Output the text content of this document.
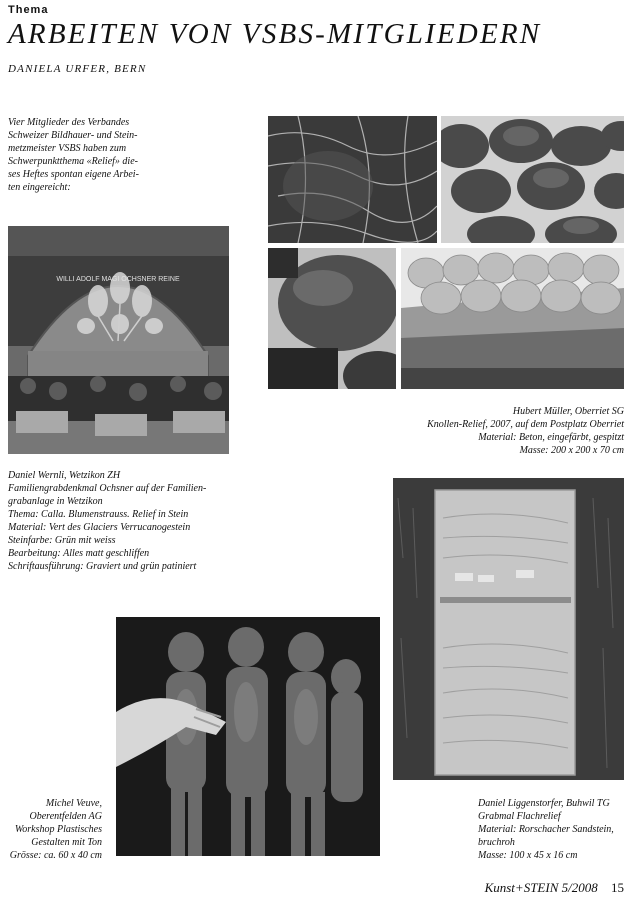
Thema
ARBEITEN VON VSBS-MITGLIEDERN
DANIELA URFER, BERN
Vier Mitglieder des Verbandes
Schweizer Bildhauer- und Stein-
metzmeister VSBS haben zum
Schwerpunktthema «Relief» die-
ses Heftes spontan eigene Arbei-
ten eingereicht:
WILLI ADOLF MAGI OCHSNER REINE
Daniel Wernli, Wetzikon ZH
Familiengrabdenkmal Ochsner auf der Familien-
grabanlage in Wetzikon
Thema: Calla. Blumenstrauss. Relief in Stein
Material: Vert des Glaciers Verrucanogestein
Steinfarbe: Grün mit weiss
Bearbeitung: Alles matt geschliffen
Schriftausführung: Graviert und grün patiniert
Hubert Müller, Oberriet SG
Knollen-Relief, 2007, auf dem Postplatz Oberriet
Material: Beton, eingefärbt, gespitzt
Masse: 200 x 200 x 70 cm
Michel Veuve,
Oberentfelden AG
Workshop Plastisches
Gestalten mit Ton
Grösse: ca. 60 x 40 cm
Daniel Liggenstorfer, Buhwil TG
Grabmal Flachrelief
Material: Rorschacher Sandstein,
bruchroh
Masse: 100 x 45 x 16 cm
Kunst+STEIN 5/2008 15
